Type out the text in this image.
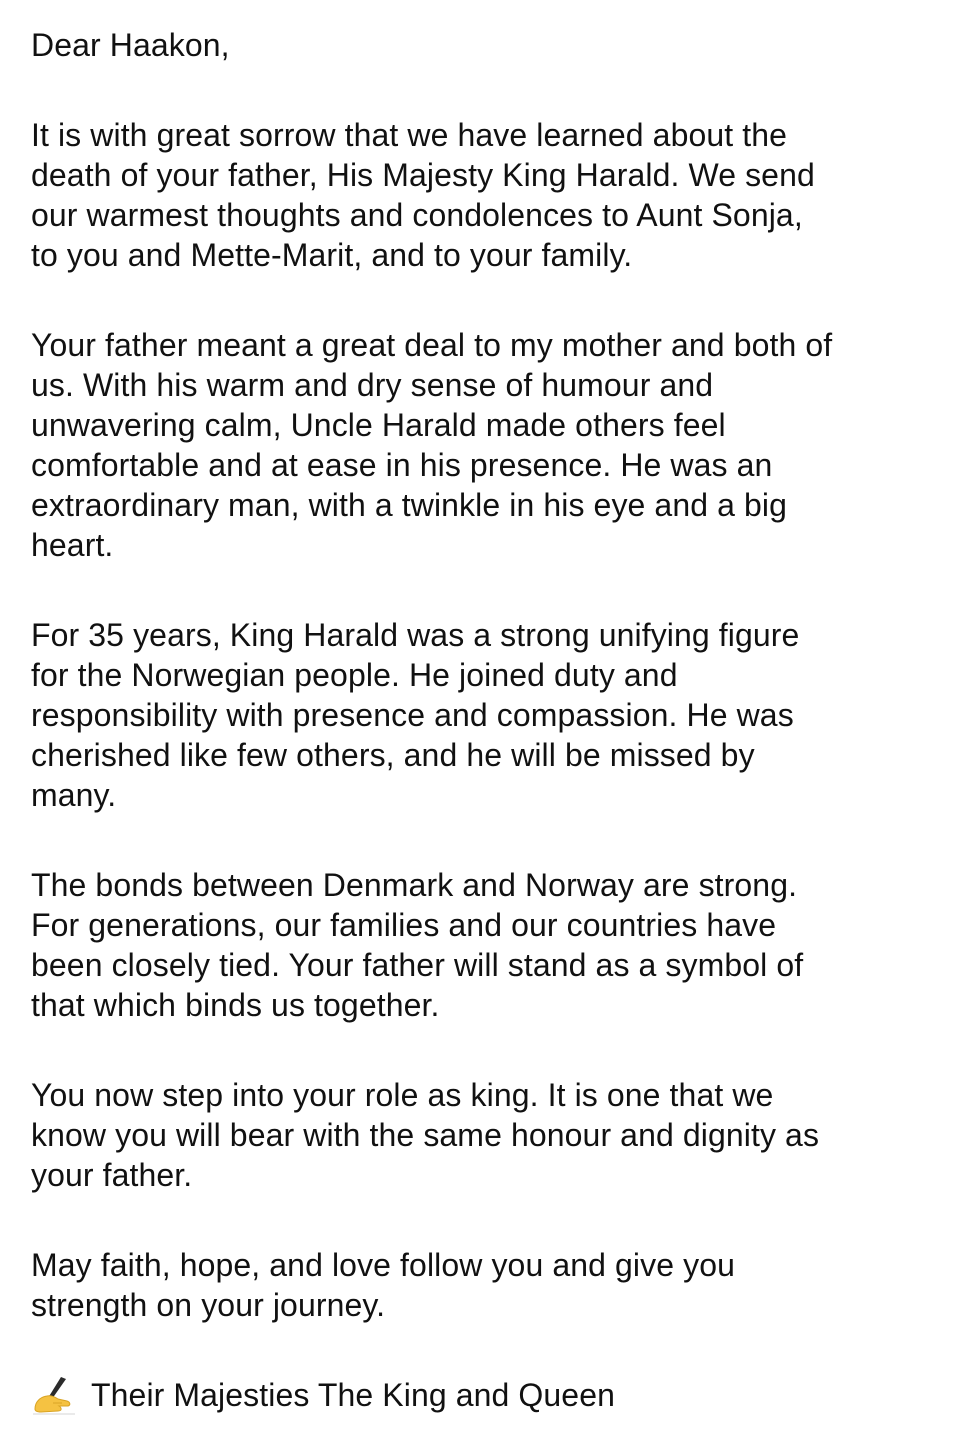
Dear Haakon,

It is with great sorrow that we have learned about the
death of your father, His Majesty King Harald. We send
our warmest thoughts and condolences to Aunt Sonja,
to you and Mette-Marit, and to your family.

Your father meant a great deal to my mother and both of
us. With his warm and dry sense of humour and
unwavering calm, Uncle Harald made others feel
comfortable and at ease in his presence. He was an
extraordinary man, with a twinkle in his eye and a big
heart.

For 35 years, King Harald was a strong unifying figure
for the Norwegian people. He joined duty and
responsibility with presence and compassion. He was
cherished like few others, and he will be missed by
many.

The bonds between Denmark and Norway are strong.
For generations, our families and our countries have
been closely tied. Your father will stand as a symbol of
that which binds us together.

You now step into your role as king. It is one that we
know you will bear with the same honour and dignity as
your father.

May faith, hope, and love follow you and give you
strength on your journey.

Their Majesties The King and Queen
